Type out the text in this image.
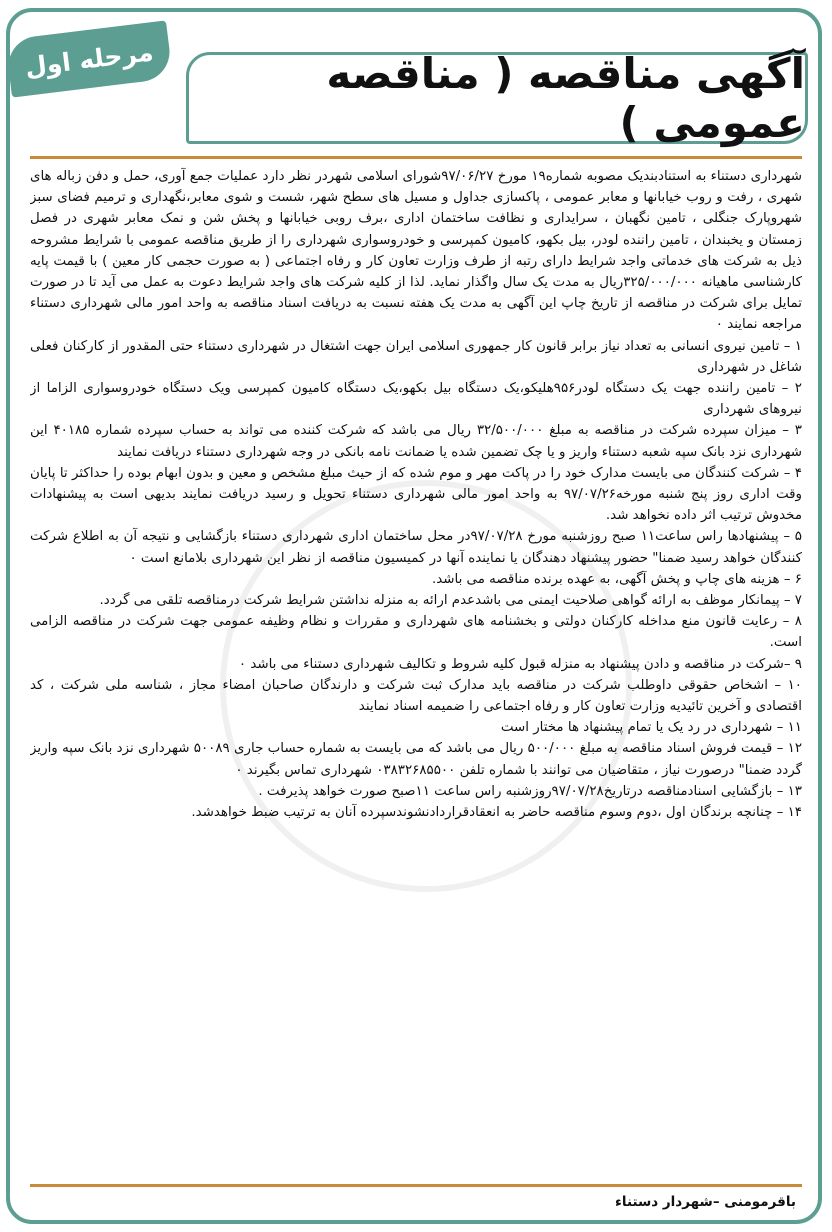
مرحله اول	آگهی مناقصه ( مناقصه عمومی )

شهرداری دستناء به استنادبندیک مصوبه شماره۱۹ مورخ ۹۷/۰۶/۲۷شورای اسلامی شهردر نظر دارد عملیات جمع آوری، حمل و دفن زباله های شهری ، رفت و روب خیابانها و معابر عمومی ، پاکسازی جداول و مسیل های سطح شهر، شست و شوی معابر،نگهداری و ترمیم فضای سبز شهروپارک جنگلی ، تامین نگهبان ، سرایداری و نظافت ساختمان اداری ،برف روبی خیابانها و پخش شن و نمک معابر شهری در فصل زمستان و یخبندان ، تامین راننده لودر، بیل بکهو، کامیون کمپرسی و خودروسواری شهرداری را از طریق مناقصه عمومی با شرایط مشروحه ذیل به شرکت های خدماتی واجد شرایط دارای رتبه از طرف وزارت تعاون کار و رفاه اجتماعی ( به صورت حجمی کار معین ) با قیمت پایه کارشناسی ماهیانه ۳۲۵/۰۰۰/۰۰۰ریال به مدت یک سال واگذار نماید. لذا از کلیه شرکت های واجد شرایط دعوت به عمل می آید تا در صورت تمایل برای شرکت در مناقصه از تاریخ چاپ این آگهی به مدت یک هفته نسبت به دریافت اسناد مناقصه به واحد امور مالی شهرداری دستناء مراجعه نمایند ۰

۱ – تامین نیروی انسانی به تعداد نیاز برابر قانون کار جمهوری اسلامی ایران جهت اشتغال در شهرداری دستناء حتی المقدور از کارکنان فعلی شاغل در شهرداری

۲ – تامین راننده جهت یک دستگاه لودر۹۵۶هلیکو،یک دستگاه بیل بکهو،یک دستگاه کامیون کمپرسی ویک دستگاه خودروسواری الزاما از نیروهای شهرداری

۳ – میزان سپرده شرکت در مناقصه به مبلغ ۳۲/۵۰۰/۰۰۰ ریال می باشد که شرکت کننده می تواند به حساب سپرده شماره ۴۰۱۸۵ این شهرداری نزد بانک سپه شعبه دستناء واریز و یا چک تضمین شده یا ضمانت نامه بانکی در وجه شهرداری دستناء دریافت نمایند

۴ – شرکت کنندگان می بایست مدارک خود را در پاکت مهر و موم شده که از حیث مبلغ مشخص و معین و بدون ابهام بوده را حداکثر تا پایان وقت اداری روز پنج شنبه مورخه۹۷/۰۷/۲۶ به واحد امور مالی شهرداری دستناء تحویل و رسید دریافت نمایند بدیهی است به پیشنهادات مخدوش ترتیب اثر داده نخواهد شد.

۵ – پیشنهادها راس ساعت۱۱ صبح روزشنبه مورخ ۹۷/۰۷/۲۸در محل ساختمان اداری شهرداری دستناء بازگشایی و نتیجه آن به اطلاع شرکت کنندگان خواهد رسید ضمنا" حضور پیشنهاد دهندگان یا نماینده آنها در کمیسیون مناقصه از نظر این شهرداری بلامانع است ۰

۶ – هزینه های چاپ و پخش آگهی، به عهده برنده مناقصه می باشد.

۷ – پیمانکار موظف به ارائه گواهی صلاحیت ایمنی می باشدعدم ارائه به منزله نداشتن شرایط شرکت درمناقصه تلقی می گردد.

۸ – رعایت قانون منع مداخله کارکنان دولتی و بخشنامه های شهرداری و مقررات و نظام وظیفه عمومی جهت شرکت در مناقصه الزامی است.

۹ –شرکت در مناقصه و دادن پیشنهاد به منزله قبول کلیه شروط و تکالیف شهرداری دستناء می باشد ۰

۱۰ – اشخاص حقوقی داوطلب شرکت در مناقصه باید مدارک ثبت شرکت و دارندگان صاحبان امضاء مجاز ، شناسه ملی شرکت ، کد اقتصادی و آخرین تائیدیه وزارت تعاون کار و رفاه اجتماعی را ضمیمه اسناد نمایند

۱۱ – شهرداری در رد یک یا تمام پیشنهاد ها مختار است

۱۲ – قیمت فروش اسناد مناقصه به مبلغ ۵۰۰/۰۰۰ ریال می باشد که می بایست به شماره حساب جاری ۵۰۰۸۹ شهرداری نزد بانک سپه واریز گردد ضمنا" درصورت نیاز ، متقاضیان می توانند با شماره تلفن ۰۳۸۳۲۶۸۵۵۰۰ شهرداری تماس بگیرند ۰

۱۳ – بازگشایی اسنادمناقصه درتاریخ۹۷/۰۷/۲۸روزشنبه راس ساعت ۱۱صبح صورت خواهد پذیرفت .

۱۴ – چنانچه برندگان اول ،دوم وسوم مناقصه حاضر به انعقادقراردادنشوندسپرده آنان به ترتیب ضبط خواهدشد.

باقرمومنی –شهردار دستناء
